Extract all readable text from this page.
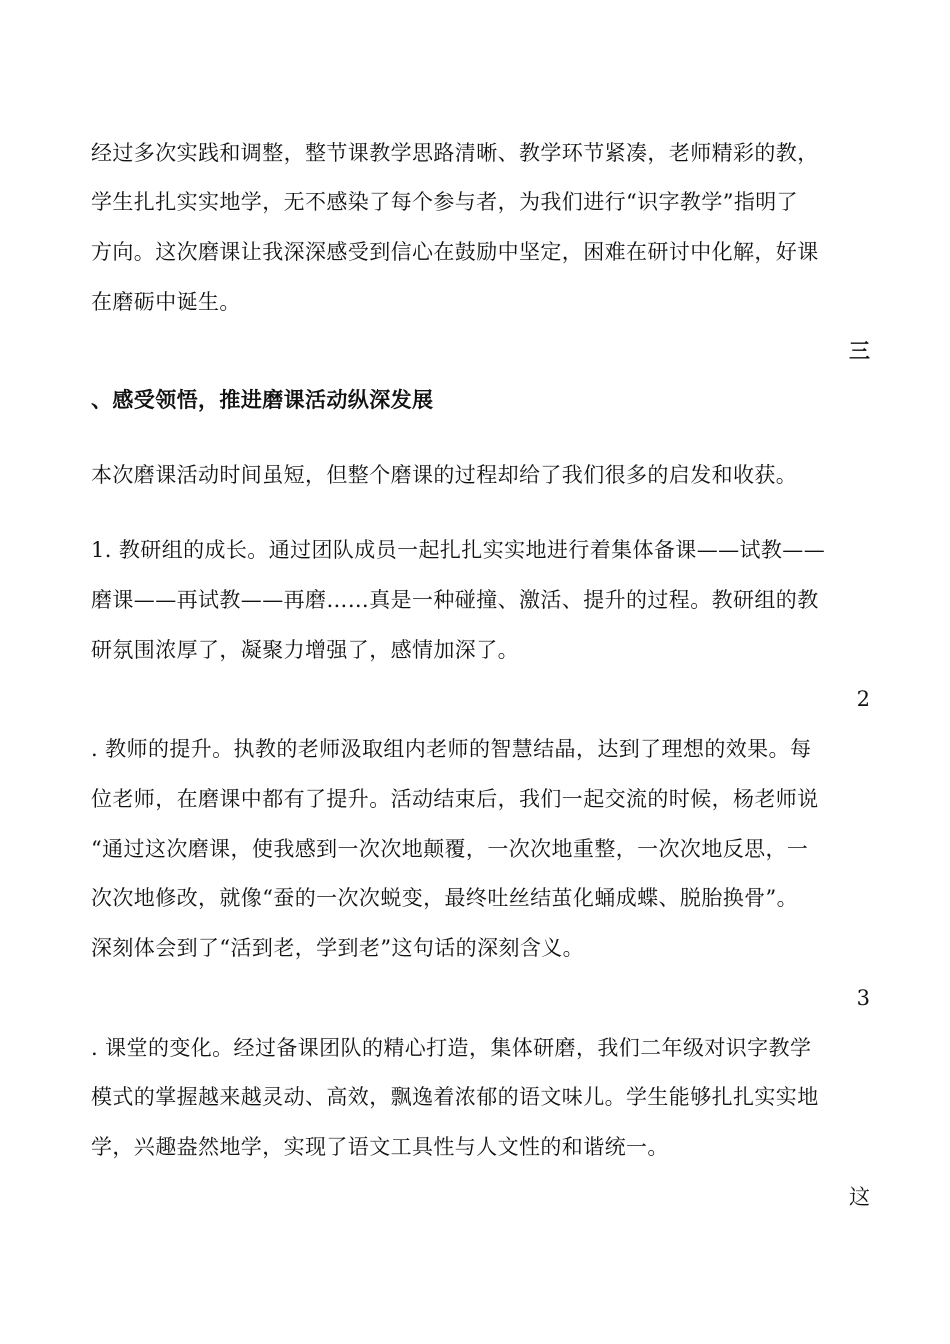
经过多次实践和调整，整节课教学思路清晰、教学环节紧凑，老师精彩的教，
学生扎扎实实地学，无不感染了每个参与者，为我们进行“识字教学”指明了
方向。这次磨课让我深深感受到信心在鼓励中坚定，困难在研讨中化解，好课
在磨砺中诞生。
三
、感受领悟，推进磨课活动纵深发展
本次磨课活动时间虽短，但整个磨课的过程却给了我们很多的启发和收获。
1. 教研组的成长。通过团队成员一起扎扎实实地进行着集体备课——试教——
磨课——再试教——再磨……真是一种碰撞、激活、提升的过程。教研组的教
研氛围浓厚了，凝聚力增强了，感情加深了。
2
. 教师的提升。执教的老师汲取组内老师的智慧结晶，达到了理想的效果。每
位老师，在磨课中都有了提升。活动结束后，我们一起交流的时候，杨老师说
“通过这次磨课，使我感到一次次地颠覆，一次次地重整，一次次地反思，一
次次地修改，就像“蚕的一次次蜕变，最终吐丝结茧化蛹成蝶、脱胎换骨”。
深刻体会到了“活到老，学到老”这句话的深刻含义。
3
. 课堂的变化。经过备课团队的精心打造，集体研磨，我们二年级对识字教学
模式的掌握越来越灵动、高效，飘逸着浓郁的语文味儿。学生能够扎扎实实地
学，兴趣盎然地学，实现了语文工具性与人文性的和谐统一。
这
